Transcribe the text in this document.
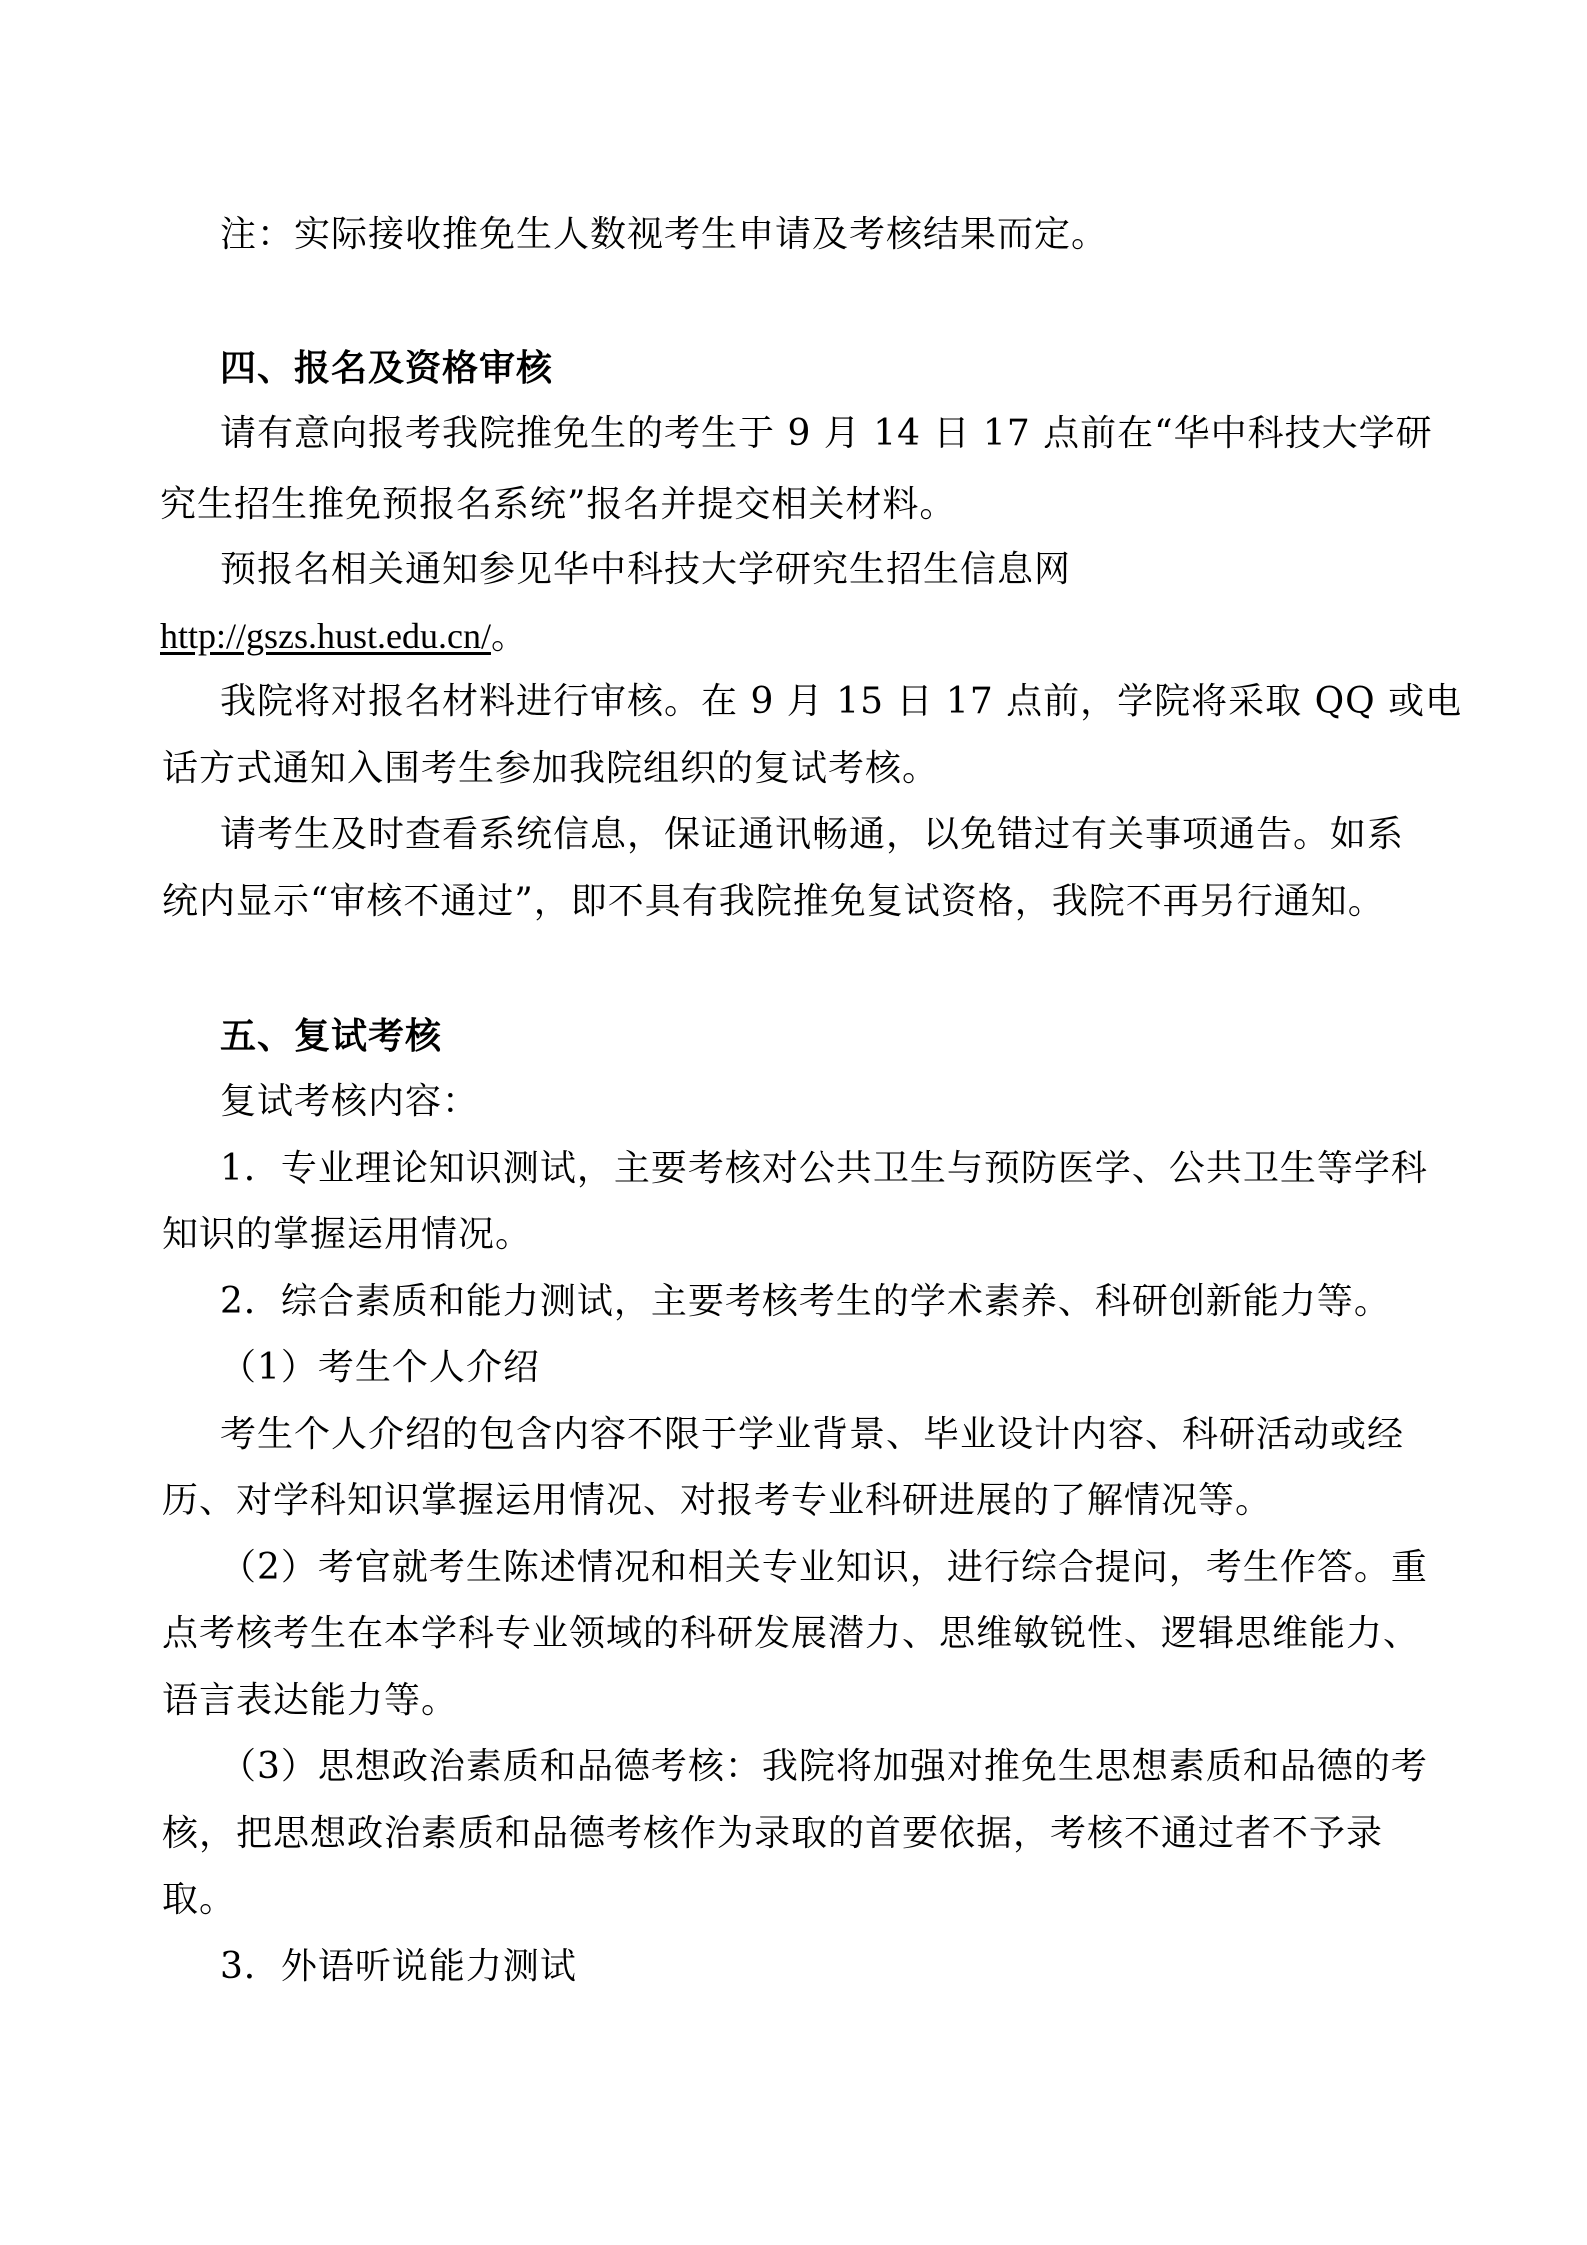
注：实际接收推免生人数视考生申请及考核结果而定。

四、报名及资格审核

请有意向报考我院推免生的考生于 9 月 14 日 17 点前在“华中科技大学研

究生招生推免预报名系统”报名并提交相关材料。

预报名相关通知参见华中科技大学研究生招生信息网

http://gszs.hust.edu.cn/。

我院将对报名材料进行审核。在 9 月 15 日 17 点前，学院将采取 QQ 或电

话方式通知入围考生参加我院组织的复试考核。

请考生及时查看系统信息，保证通讯畅通，以免错过有关事项通告。如系

统内显示“审核不通过”，即不具有我院推免复试资格，我院不再另行通知。

五、复试考核

复试考核内容：

1．专业理论知识测试，主要考核对公共卫生与预防医学、公共卫生等学科

知识的掌握运用情况。

2．综合素质和能力测试，主要考核考生的学术素养、科研创新能力等。

（1）考生个人介绍

考生个人介绍的包含内容不限于学业背景、毕业设计内容、科研活动或经

历、对学科知识掌握运用情况、对报考专业科研进展的了解情况等。

（2）考官就考生陈述情况和相关专业知识，进行综合提问，考生作答。重

点考核考生在本学科专业领域的科研发展潜力、思维敏锐性、逻辑思维能力、

语言表达能力等。

（3）思想政治素质和品德考核：我院将加强对推免生思想素质和品德的考

核，把思想政治素质和品德考核作为录取的首要依据，考核不通过者不予录

取。

3．外语听说能力测试
